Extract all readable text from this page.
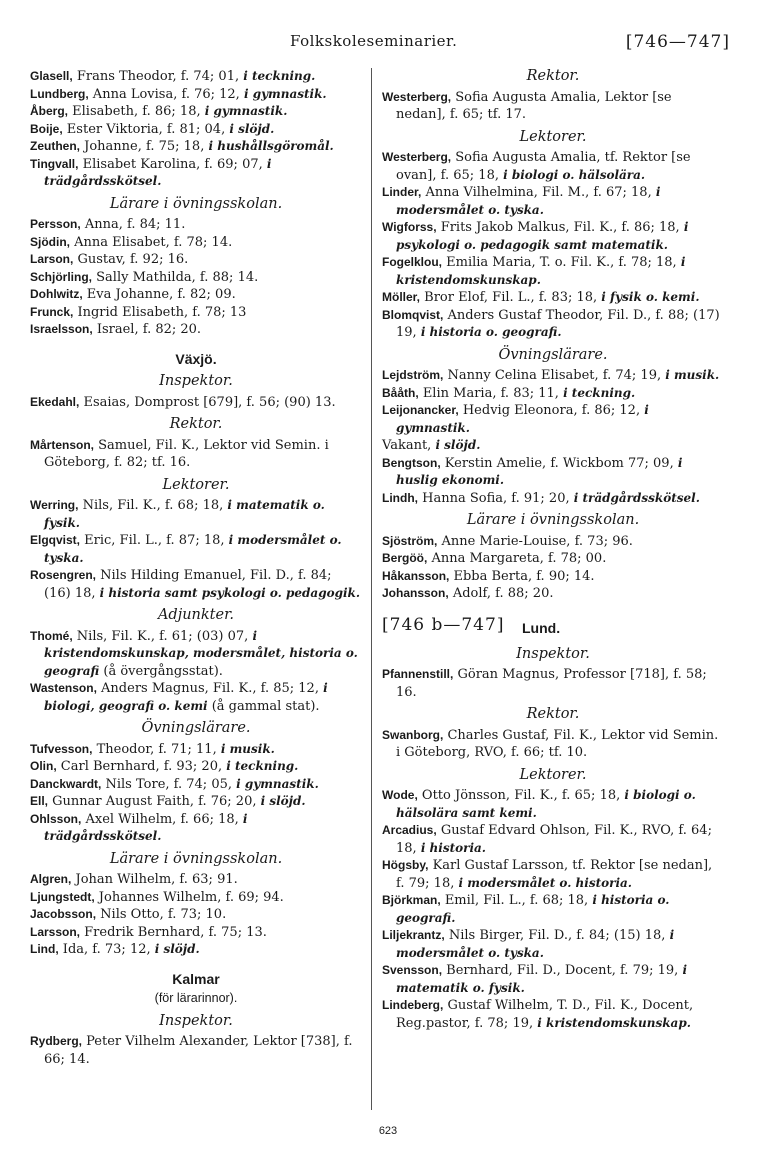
Folkskoleseminarier.	[746—747]
Glasell, Frans Theodor, f. 74; 01, i teckning.
Lundberg, Anna Lovisa, f. 76; 12, i gymnastik.
Åberg, Elisabeth, f. 86; 18, i gymnastik.
Boije, Ester Viktoria, f. 81; 04, i slöjd.
Zeuthen, Johanne, f. 75; 18, i hushållsgöromål.
Tingvall, Elisabet Karolina, f. 69; 07, i trädgårdsskötsel.
Lärare i övningsskolan.
Persson, Anna, f. 84; 11.
Sjödin, Anna Elisabet, f. 78; 14.
Larson, Gustav, f. 92; 16.
Schjörling, Sally Mathilda, f. 88; 14.
Dohlwitz, Eva Johanne, f. 82; 09.
Frunck, Ingrid Elisabeth, f. 78; 13
Israelsson, Israel, f. 82; 20.
Växjö.
Inspektor.
Ekedahl, Esaias, Domprost [679], f. 56; (90) 13.
Rektor.
Mårtenson, Samuel, Fil. K., Lektor vid Semin. i Göteborg, f. 82; tf. 16.
Lektorer.
Werring, Nils, Fil. K., f. 68; 18, i matematik o. fysik.
Elgqvist, Eric, Fil. L., f. 87; 18, i modersmålet o. tyska.
Rosengren, Nils Hilding Emanuel, Fil. D., f. 84; (16) 18, i historia samt psykologi o. pedagogik.
Adjunkter.
Thomé, Nils, Fil. K., f. 61; (03) 07, i kristendomskunskap, modersmålet, historia o. geografi (å övergångsstat).
Wastenson, Anders Magnus, Fil. K., f. 85; 12, i biologi, geografi o. kemi (å gammal stat).
Övningslärare.
Tufvesson, Theodor, f. 71; 11, i musik.
Olin, Carl Bernhard, f. 93; 20, i teckning.
Danckwardt, Nils Tore, f. 74; 05, i gymnastik.
Ell, Gunnar August Faith, f. 76; 20, i slöjd.
Ohlsson, Axel Wilhelm, f. 66; 18, i trädgårdsskötsel.
Lärare i övningsskolan.
Algren, Johan Wilhelm, f. 63; 91.
Ljungstedt, Johannes Wilhelm, f. 69; 94.
Jacobsson, Nils Otto, f. 73; 10.
Larsson, Fredrik Bernhard, f. 75; 13.
Lind, Ida, f. 73; 12, i slöjd.
Kalmar
(för lärarinnor).
Inspektor.
Rydberg, Peter Vilhelm Alexander, Lektor [738], f. 66; 14.
Rektor.
Westerberg, Sofia Augusta Amalia, Lektor [se nedan], f. 65; tf. 17.
Lektorer.
Westerberg, Sofia Augusta Amalia, tf. Rektor [se ovan], f. 65; 18, i biologi o. hälsolära.
Linder, Anna Vilhelmina, Fil. M., f. 67; 18, i modersmålet o. tyska.
Wigforss, Frits Jakob Malkus, Fil. K., f. 86; 18, i psykologi o. pedagogik samt matematik.
Fogelklou, Emilia Maria, T. o. Fil. K., f. 78; 18, i kristendomskunskap.
Möller, Bror Elof, Fil. L., f. 83; 18, i fysik o. kemi.
Blomqvist, Anders Gustaf Theodor, Fil. D., f. 88; (17) 19, i historia o. geografi.
Övningslärare.
Lejdström, Nanny Celina Elisabet, f. 74; 19, i musik.
Bååth, Elin Maria, f. 83; 11, i teckning.
Leijonancker, Hedvig Eleonora, f. 86; 12, i gymnastik.
Vakant, i slöjd.
Bengtson, Kerstin Amelie, f. Wickbom 77; 09, i huslig ekonomi.
Lindh, Hanna Sofia, f. 91; 20, i trädgårdsskötsel.
Lärare i övningsskolan.
Sjöström, Anne Marie-Louise, f. 73; 96.
Bergöö, Anna Margareta, f. 78; 00.
Håkansson, Ebba Berta, f. 90; 14.
Johansson, Adolf, f. 88; 20.
[746 b—747] Lund.
Inspektor.
Pfannenstill, Göran Magnus, Professor [718], f. 58; 16.
Rektor.
Swanborg, Charles Gustaf, Fil. K., Lektor vid Semin. i Göteborg, RVO, f. 66; tf. 10.
Lektorer.
Wode, Otto Jönsson, Fil. K., f. 65; 18, i biologi o. hälsolära samt kemi.
Arcadius, Gustaf Edvard Ohlson, Fil. K., RVO, f. 64; 18, i historia.
Högsby, Karl Gustaf Larsson, tf. Rektor [se nedan], f. 79; 18, i modersmålet o. historia.
Björkman, Emil, Fil. L., f. 68; 18, i historia o. geografi.
Liljekrantz, Nils Birger, Fil. D., f. 84; (15) 18, i modersmålet o. tyska.
Svensson, Bernhard, Fil. D., Docent, f. 79; 19, i matematik o. fysik.
Lindeberg, Gustaf Wilhelm, T. D., Fil. K., Docent, Reg.pastor, f. 78; 19, i kristendomskunskap.
623
